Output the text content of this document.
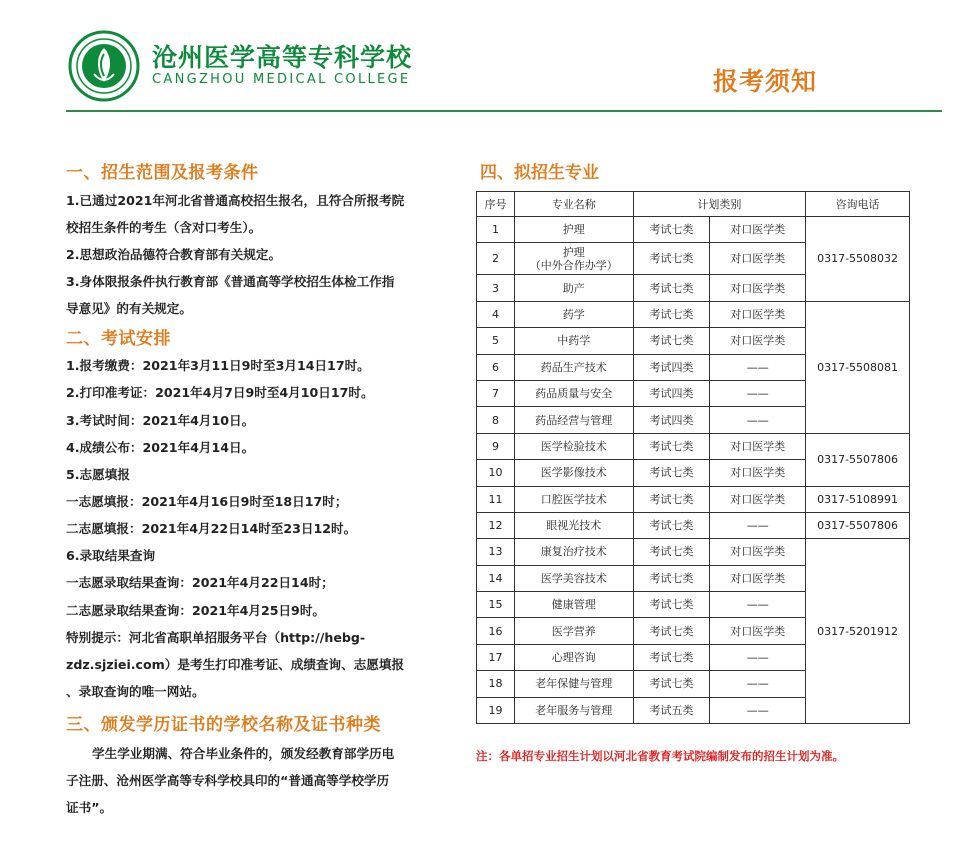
沧州医学高等专科学校
CANGZHOU MEDICAL COLLEGE	报考须知
一、招生范围及报考条件
1.已通过2021年河北省普通高校招生报名，且符合所报考院
校招生条件的考生（含对口考生）。
2.思想政治品德符合教育部有关规定。
3.身体限报条件执行教育部《普通高等学校招生体检工作指
导意见》的有关规定。
二、考试安排
1.报考缴费：2021年3月11日9时至3月14日17时。
2.打印准考证：2021年4月7日9时至4月10日17时。
3.考试时间：2021年4月10日。
4.成绩公布：2021年4月14日。
5.志愿填报
一志愿填报：2021年4月16日9时至18日17时；
二志愿填报：2021年4月22日14时至23日12时。
6.录取结果查询
一志愿录取结果查询：2021年4月22日14时；
二志愿录取结果查询：2021年4月25日9时。
特别提示：河北省高职单招服务平台（http://hebg-
zdz.sjziei.com）是考生打印准考证、成绩查询、志愿填报
、录取查询的唯一网站。
三、颁发学历证书的学校名称及证书种类
学生学业期满、符合毕业条件的，颁发经教育部学历电
子注册、沧州医学高等专科学校具印的“普通高等学校学历
证书”。
四、拟招生专业
序号	专业名称	计划类别		咨询电话
1	护理	考试七类	对口医学类	0317-5508032
2	护理
（中外合作办学）	考试七类	对口医学类	
3	助产	考试七类	对口医学类	
4	药学	考试七类	对口医学类	0317-5508081
5	中药学	考试七类	对口医学类	
6	药品生产技术	考试四类	——	
7	药品质量与安全	考试四类	——	
8	药品经营与管理	考试四类	——	
9	医学检验技术	考试七类	对口医学类	0317-5507806
10	医学影像技术	考试七类	对口医学类	
11	口腔医学技术	考试七类	对口医学类	0317-5108991
12	眼视光技术	考试七类	——	0317-5507806
13	康复治疗技术	考试七类	对口医学类	0317-5201912
14	医学美容技术	考试七类	对口医学类	
15	健康管理	考试七类	——	
16	医学营养	考试七类	对口医学类	
17	心理咨询	考试七类	——	
18	老年保健与管理	考试七类	——	
19	老年服务与管理	考试五类	——	
注：各单招专业招生计划以河北省教育考试院编制发布的招生计划为准。
